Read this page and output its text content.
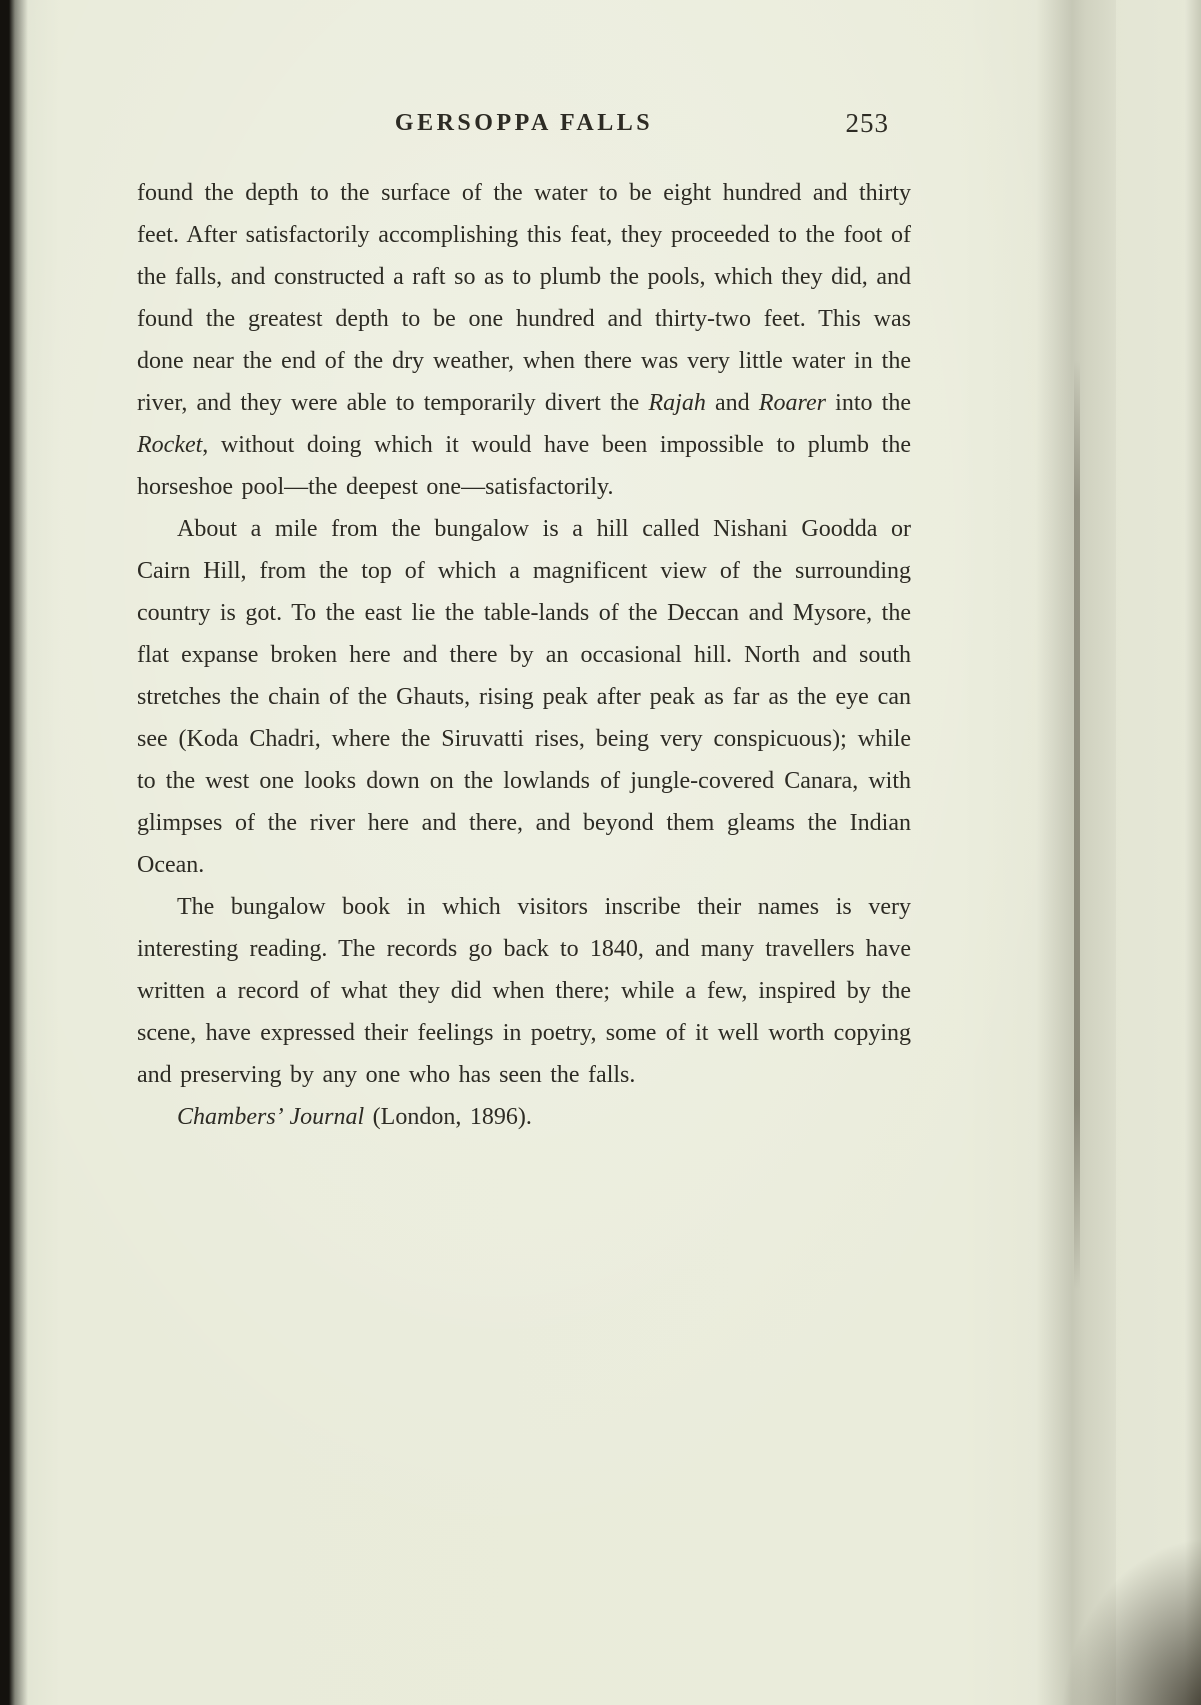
GERSOPPA FALLS	253

found the depth to the surface of the water to be eight hundred and thirty feet. After satisfactorily accomplishing this feat, they proceeded to the foot of the falls, and constructed a raft so as to plumb the pools, which they did, and found the greatest depth to be one hundred and thirty-two feet. This was done near the end of the dry weather, when there was very little water in the river, and they were able to temporarily divert the Rajah and Roarer into the Rocket, without doing which it would have been impossible to plumb the horseshoe pool—the deepest one—satisfactorily.

About a mile from the bungalow is a hill called Nishani Goodda or Cairn Hill, from the top of which a magnificent view of the surrounding country is got. To the east lie the table-lands of the Deccan and Mysore, the flat expanse broken here and there by an occasional hill. North and south stretches the chain of the Ghauts, rising peak after peak as far as the eye can see (Koda Chadri, where the Siruvatti rises, being very conspicuous); while to the west one looks down on the lowlands of jungle-covered Canara, with glimpses of the river here and there, and beyond them gleams the Indian Ocean.

The bungalow book in which visitors inscribe their names is very interesting reading. The records go back to 1840, and many travellers have written a record of what they did when there; while a few, inspired by the scene, have expressed their feelings in poetry, some of it well worth copying and preserving by any one who has seen the falls.

Chambers’ Journal (London, 1896).
